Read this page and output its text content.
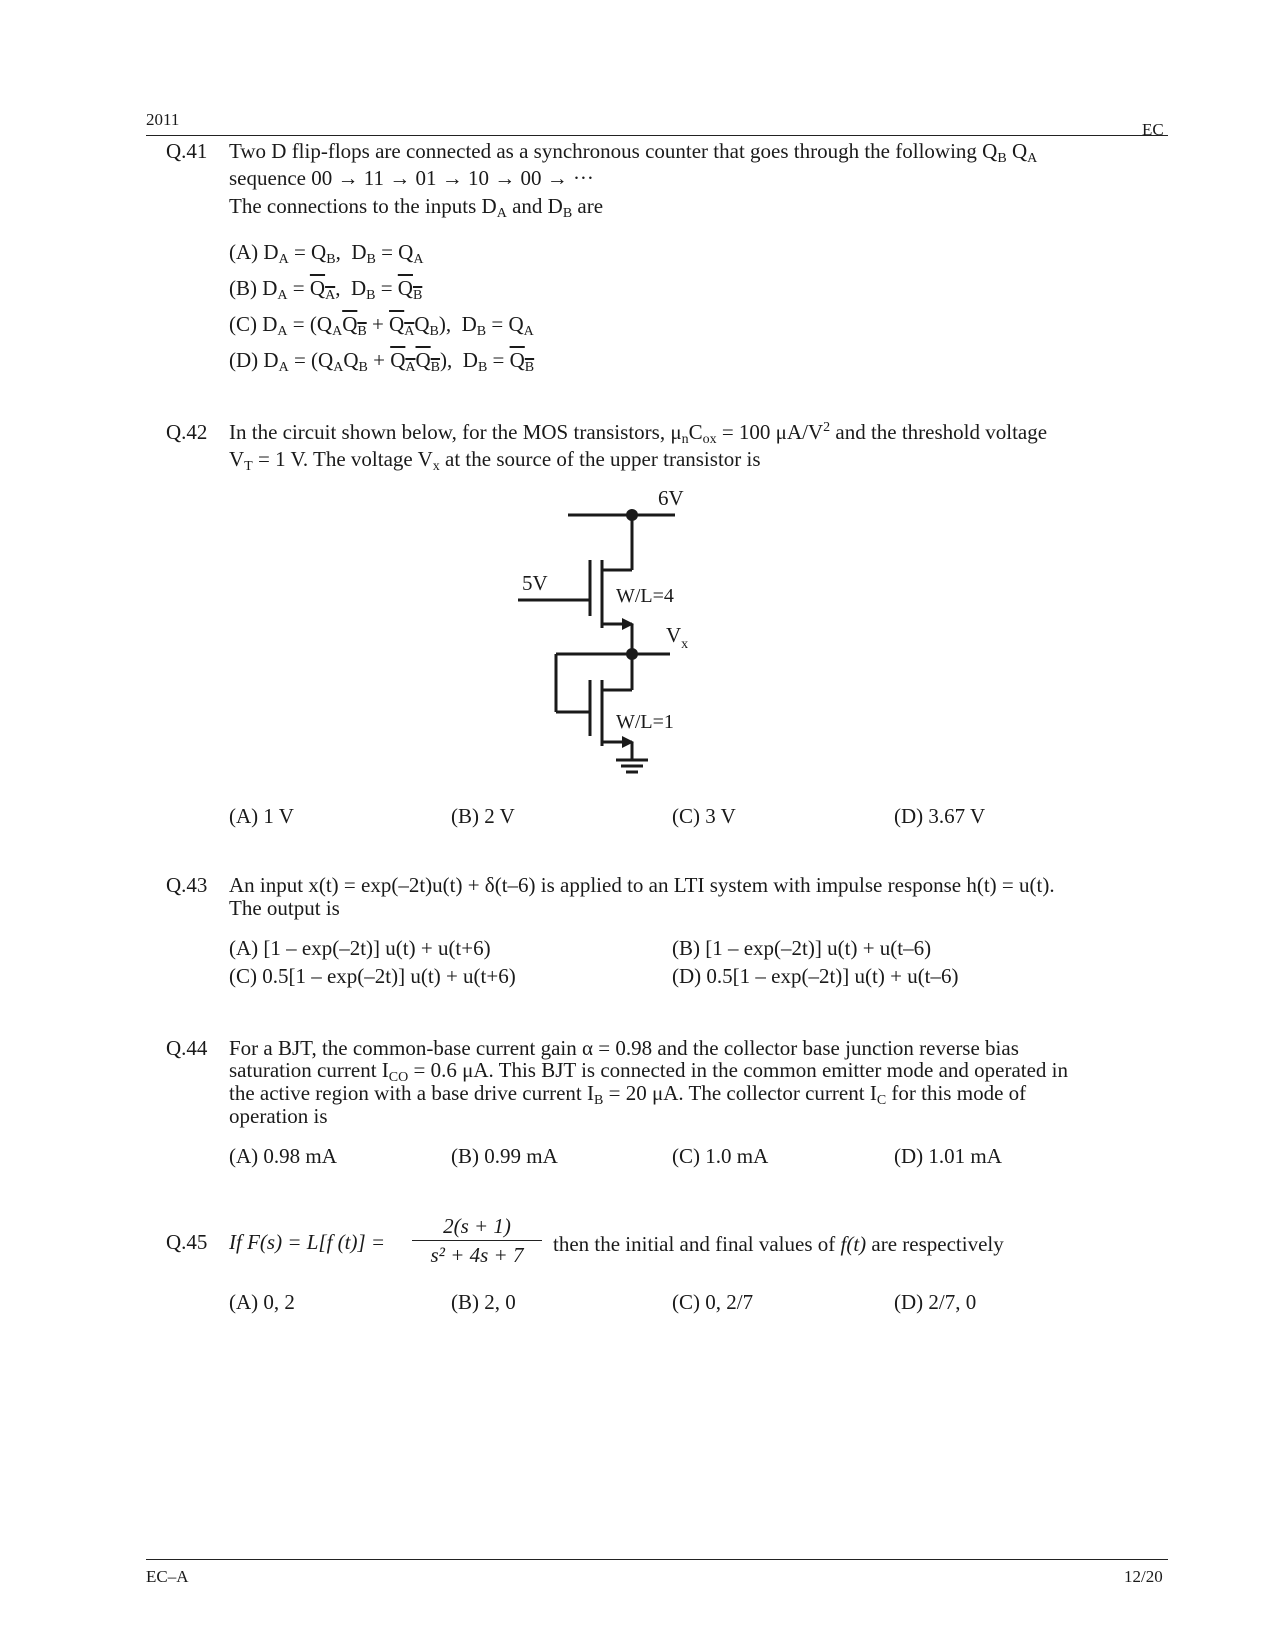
2011
EC
Q.41 Two D flip-flops are connected as a synchronous counter that goes through the following $Q_B$ $Q_A$
sequence 00 → 11 → 01 → 10 → 00 → ···
The connections to the inputs $D_A$ and $D_B$ are
(A) $D_A = Q_B$,  $D_B = Q_A$
(B) $D_A = Q_A$,  $D_B = Q_B$
(C) $D_A = (Q_AQ_B + Q_AQ_B)$,  $D_B = Q_A$
(D) $D_A = (Q_AQ_B + Q_AQ_B)$,  $D_B = Q_B$
Q.42 In the circuit shown below, for the MOS transistors, $\mu_nC_{ox} = 100$ $\mu A/V^2$ and the threshold voltage
$V_T = 1$ V. The voltage $V_x$ at the source of the upper transistor is
6V
5V
W/L=4
$V_x$
W/L=1
(A) 1 V	(B) 2 V	(C) 3 V	(D) 3.67 V
Q.43 An input x(t) = exp(–2t)u(t) + δ(t–6) is applied to an LTI system with impulse response h(t) = u(t).
The output is
(A) [1 – exp(–2t)] u(t) + u(t+6)	(B) [1 – exp(–2t)] u(t) + u(t–6)
(C) 0.5[1 – exp(–2t)] u(t) + u(t+6)	(D) 0.5[1 – exp(–2t)] u(t) + u(t–6)
Q.44 For a BJT, the common-base current gain α = 0.98 and the collector base junction reverse bias
saturation current $I_{CO} = 0.6$ μA. This BJT is connected in the common emitter mode and operated in
the active region with a base drive current $I_B = 20$ μA. The collector current $I_C$ for this mode of
operation is
(A) 0.98 mA	(B) 0.99 mA	(C) 1.0 mA	(D) 1.01 mA
Q.45 If F(s) = L[f $(t)] = \frac{2(s + 1)}{\text{s² + 4s + 7}}$ then the initial and final values of f(t) are respectively
(A) 0, 2	(B) 2, 0	(C) 0, 2/7	(D) 2/7, 0
EC–A	12/20
